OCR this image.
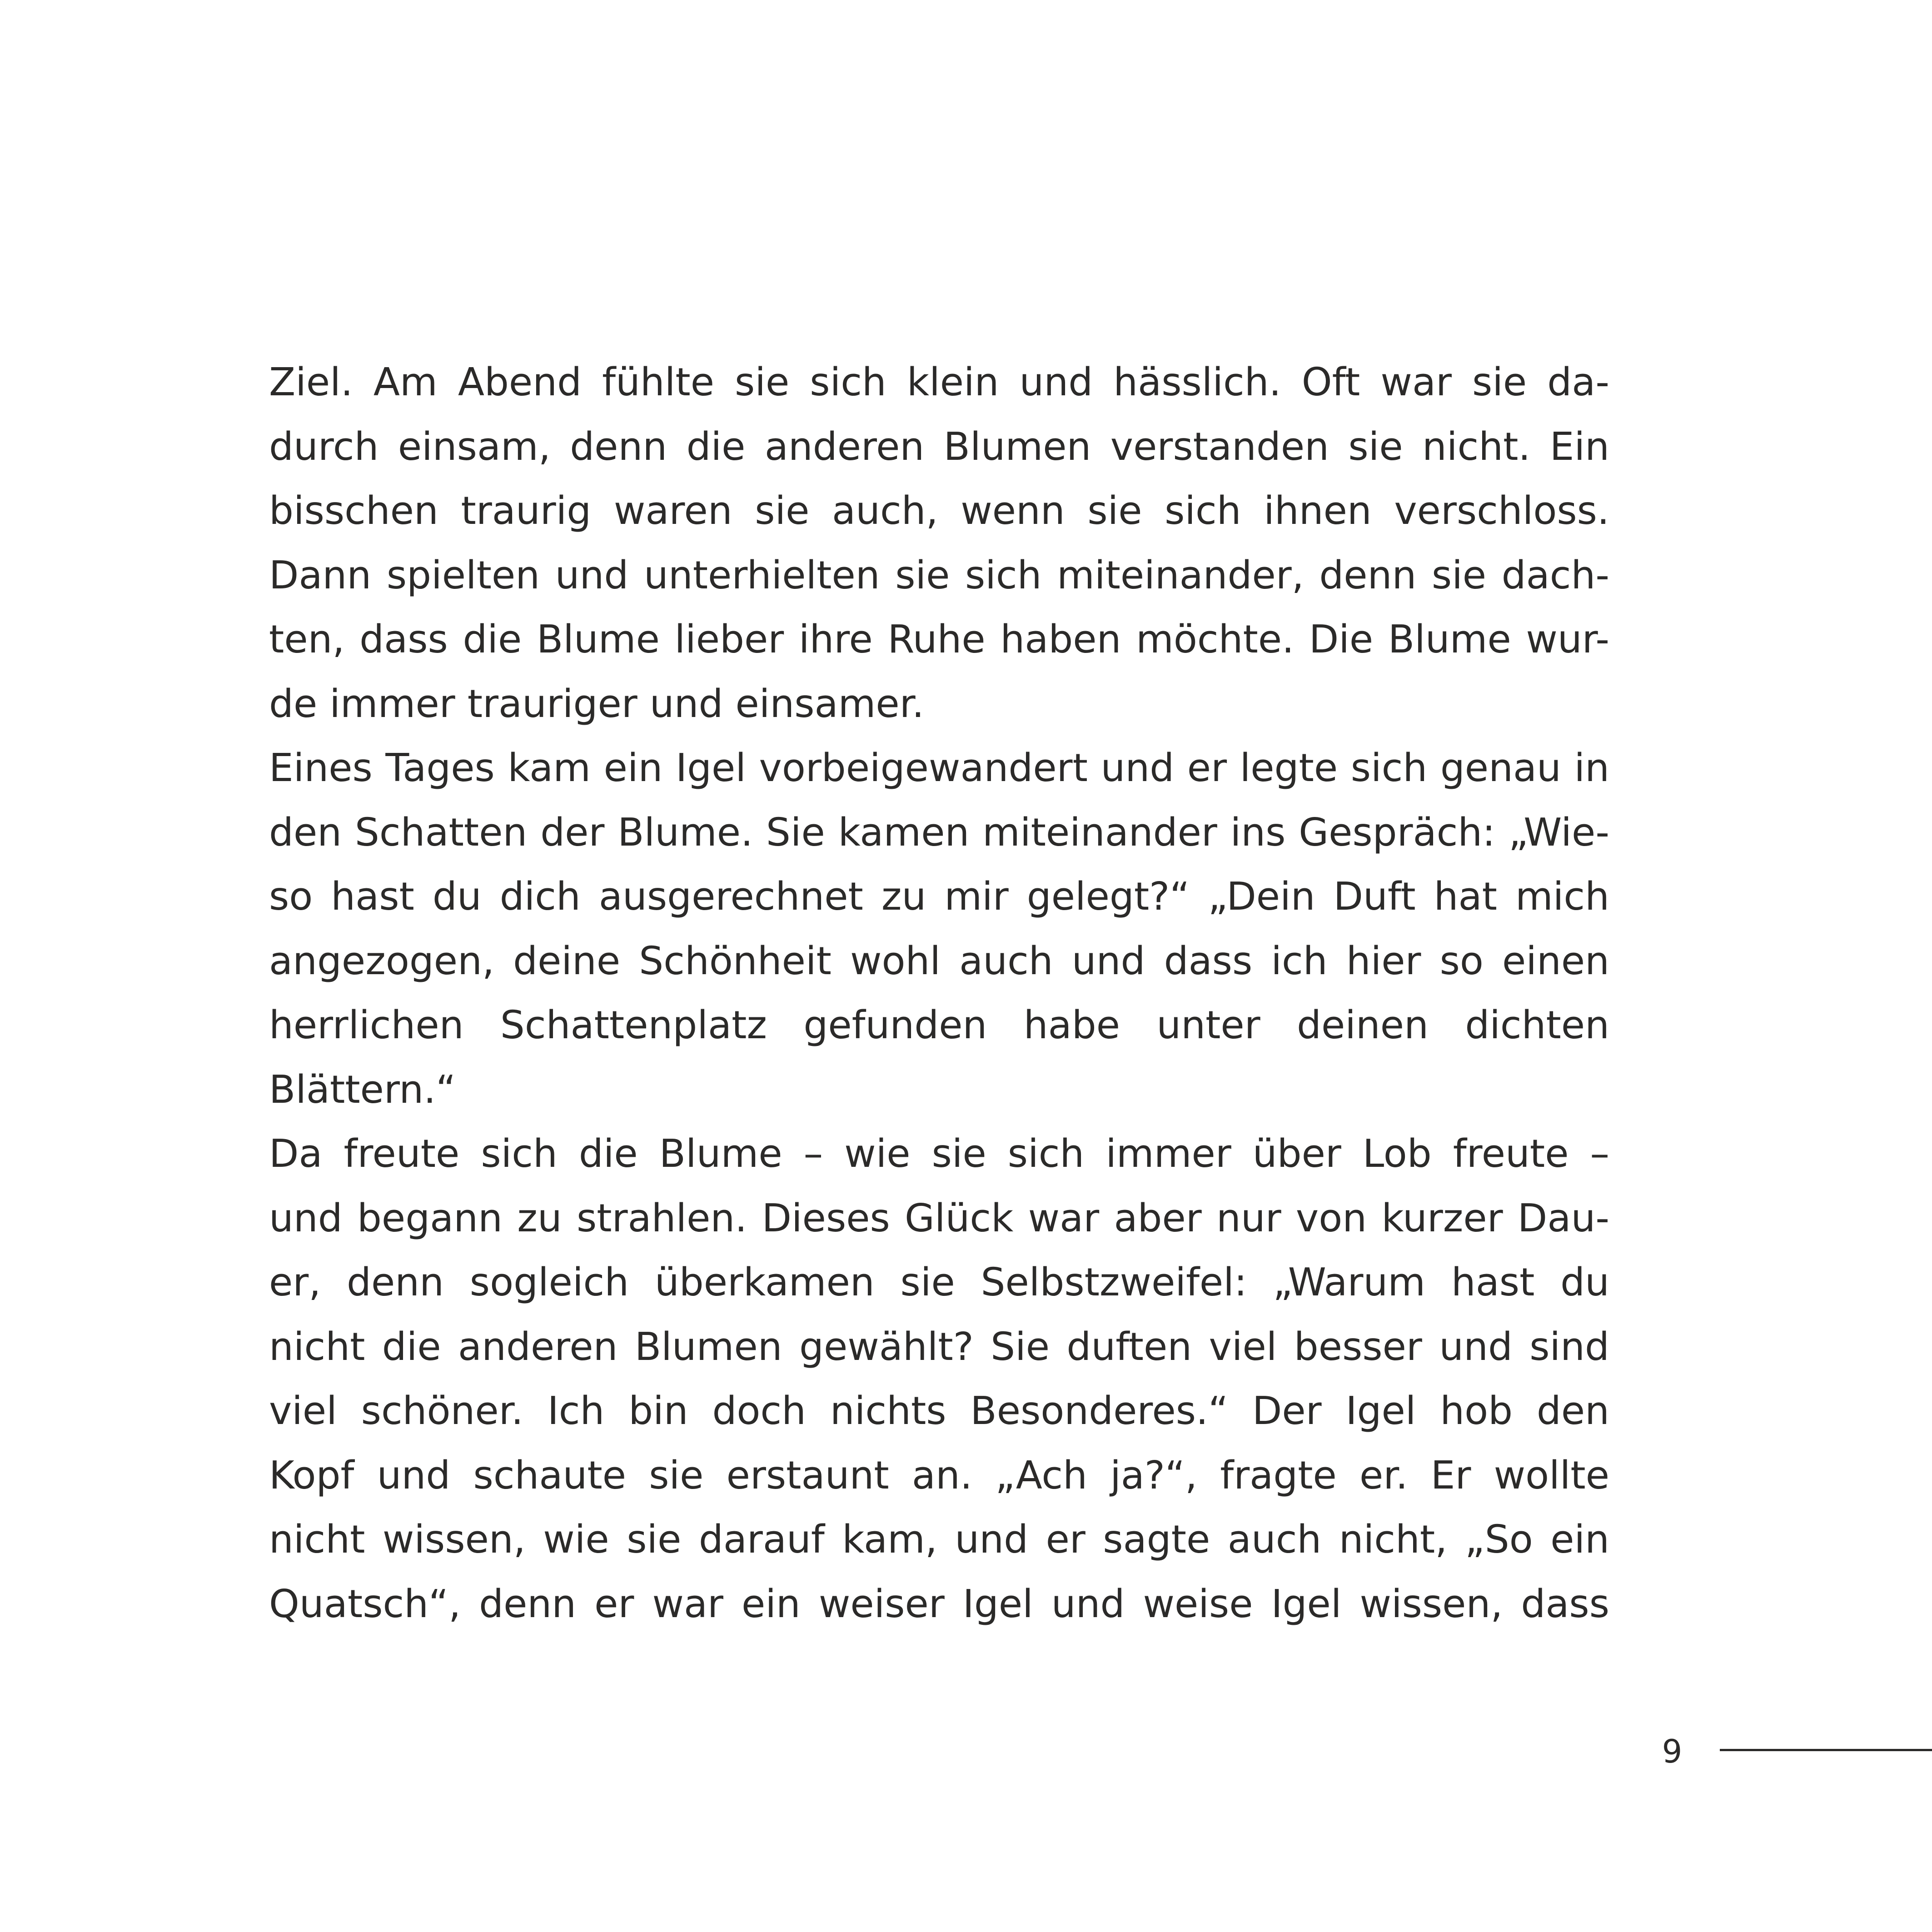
Ziel. Am Abend fühlte sie sich klein und hässlich. Oft war sie da-
durch einsam, denn die anderen Blumen verstanden sie nicht. Ein
bisschen traurig waren sie auch, wenn sie sich ihnen verschloss.
Dann spielten und unterhielten sie sich miteinander, denn sie dach-
ten, dass die Blume lieber ihre Ruhe haben möchte. Die Blume wur-
de immer trauriger und einsamer.
Eines Tages kam ein Igel vorbeigewandert und er legte sich genau in
den Schatten der Blume. Sie kamen miteinander ins Gespräch: „Wie-
so hast du dich ausgerechnet zu mir gelegt?“ „Dein Duft hat mich
angezogen, deine Schönheit wohl auch und dass ich hier so einen
herrlichen Schattenplatz gefunden habe unter deinen dichten
Blättern.“
Da freute sich die Blume – wie sie sich immer über Lob freute –
und begann zu strahlen. Dieses Glück war aber nur von kurzer Dau-
er, denn sogleich überkamen sie Selbstzweifel: „Warum hast du
nicht die anderen Blumen gewählt? Sie duften viel besser und sind
viel schöner. Ich bin doch nichts Besonderes.“ Der Igel hob den
Kopf und schaute sie erstaunt an. „Ach ja?“, fragte er. Er wollte
nicht wissen, wie sie darauf kam, und er sagte auch nicht, „So ein
Quatsch“, denn er war ein weiser Igel und weise Igel wissen, dass
9
